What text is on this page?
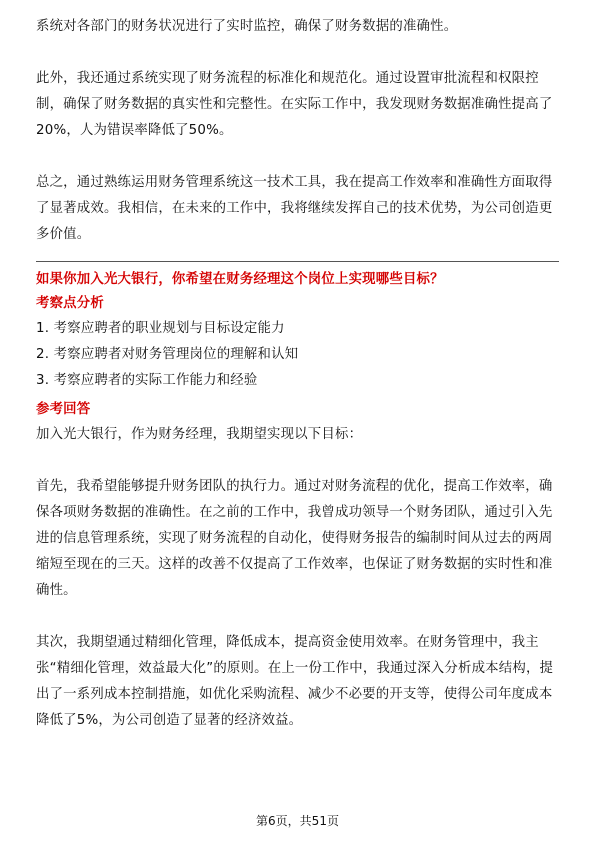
系统对各部门的财务状况进行了实时监控，确保了财务数据的准确性。

此外，我还通过系统实现了财务流程的标准化和规范化。通过设置审批流程和权限控制，确保了财务数据的真实性和完整性。在实际工作中，我发现财务数据准确性提高了20%，人为错误率降低了50%。

总之，通过熟练运用财务管理系统这一技术工具，我在提高工作效率和准确性方面取得了显著成效。我相信，在未来的工作中，我将继续发挥自己的技术优势，为公司创造更多价值。

如果你加入光大银行，你希望在财务经理这个岗位上实现哪些目标？
考察点分析
1. 考察应聘者的职业规划与目标设定能力
2. 考察应聘者对财务管理岗位的理解和认知
3. 考察应聘者的实际工作能力和经验
参考回答

加入光大银行，作为财务经理，我期望实现以下目标：

首先，我希望能够提升财务团队的执行力。通过对财务流程的优化，提高工作效率，确保各项财务数据的准确性。在之前的工作中，我曾成功领导一个财务团队，通过引入先进的信息管理系统，实现了财务流程的自动化，使得财务报告的编制时间从过去的两周缩短至现在的三天。这样的改善不仅提高了工作效率，也保证了财务数据的实时性和准确性。

其次，我期望通过精细化管理，降低成本，提高资金使用效率。在财务管理中，我主张“精细化管理，效益最大化”的原则。在上一份工作中，我通过深入分析成本结构，提出了一系列成本控制措施，如优化采购流程、减少不必要的开支等，使得公司年度成本降低了5%，为公司创造了显著的经济效益。

第6页，共51页
